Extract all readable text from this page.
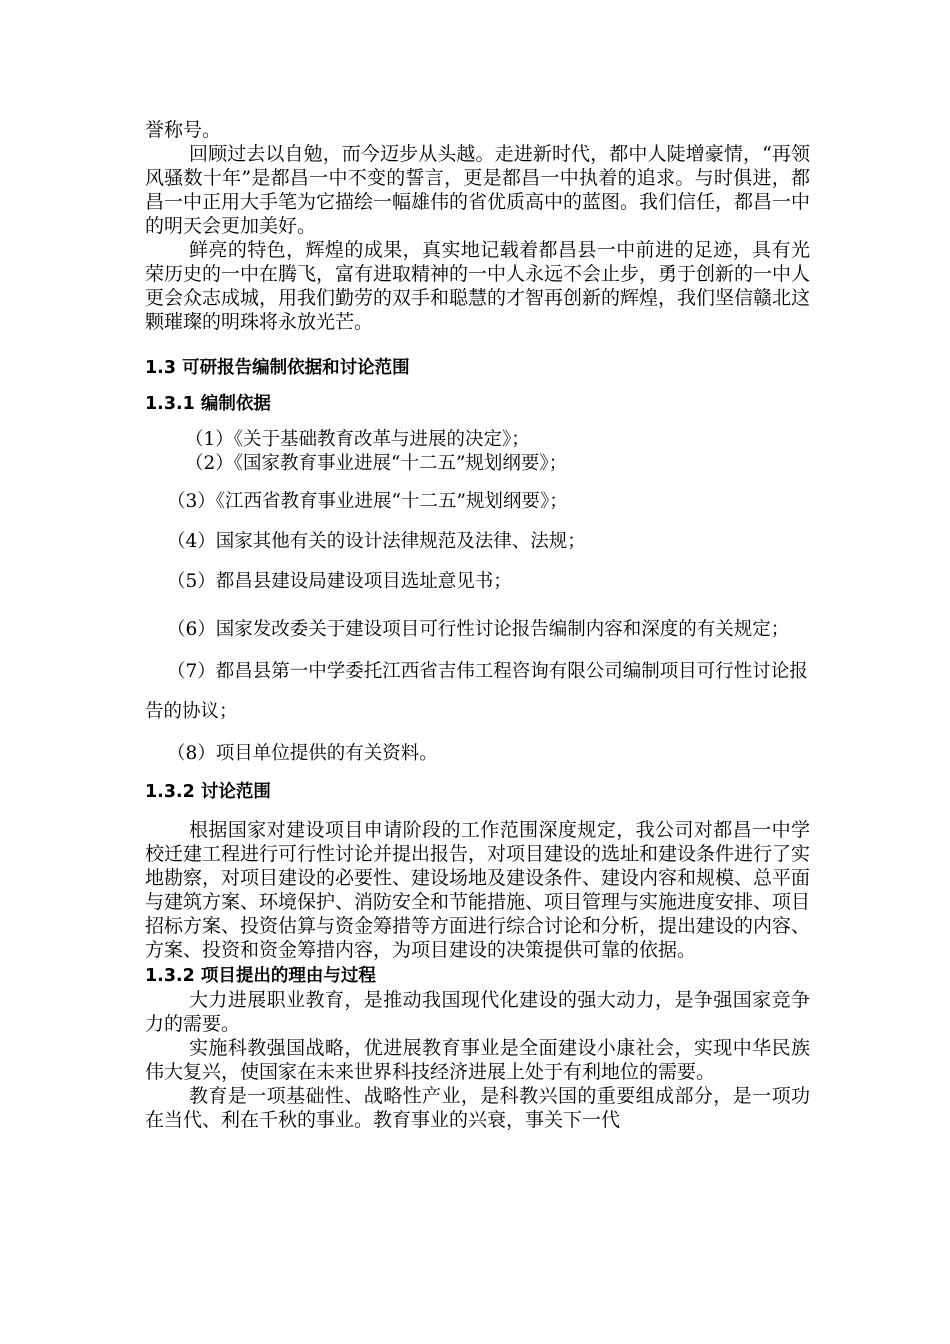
誉称号。

回顾过去以自勉，而今迈步从头越。走进新时代，都中人陡增豪情，“再领风骚数十年”是都昌一中不变的誓言，更是都昌一中执着的追求。与时俱进，都昌一中正用大手笔为它描绘一幅雄伟的省优质高中的蓝图。我们信任，都昌一中的明天会更加美好。

鲜亮的特色，辉煌的成果，真实地记载着都昌县一中前进的足迹，具有光荣历史的一中在腾飞，富有进取精神的一中人永远不会止步，勇于创新的一中人更会众志成城，用我们勤劳的双手和聪慧的才智再创新的辉煌，我们坚信赣北这颗璀璨的明珠将永放光芒。

1.3 可研报告编制依据和讨论范围
1.3.1 编制依据

（1）《关于基础教育改革与进展的决定》；

（2）《国家教育事业进展“十二五”规划纲要》；

（3）《江西省教育事业进展“十二五”规划纲要》；

（4）国家其他有关的设计法律规范及法律、法规；

（5）都昌县建设局建设项目选址意见书；

（6）国家发改委关于建设项目可行性讨论报告编制内容和深度的有关规定；

（7）都昌县第一中学委托江西省吉伟工程咨询有限公司编制项目可行性讨论报告的协议；

（8）项目单位提供的有关资料。

1.3.2 讨论范围

根据国家对建设项目申请阶段的工作范围深度规定，我公司对都昌一中学校迁建工程进行可行性讨论并提出报告，对项目建设的选址和建设条件进行了实地勘察，对项目建设的必要性、建设场地及建设条件、建设内容和规模、总平面与建筑方案、环境保护、消防安全和节能措施、项目管理与实施进度安排、项目招标方案、投资估算与资金筹措等方面进行综合讨论和分析，提出建设的内容、方案、投资和资金筹措内容，为项目建设的决策提供可靠的依据。

1.3.2 项目提出的理由与过程

大力进展职业教育，是推动我国现代化建设的强大动力，是争强国家竞争力的需要。

实施科教强国战略，优进展教育事业是全面建设小康社会，实现中华民族伟大复兴，使国家在未来世界科技经济进展上处于有利地位的需要。

教育是一项基础性、战略性产业，是科教兴国的重要组成部分，是一项功在当代、利在千秋的事业。教育事业的兴衰，事关下一代
